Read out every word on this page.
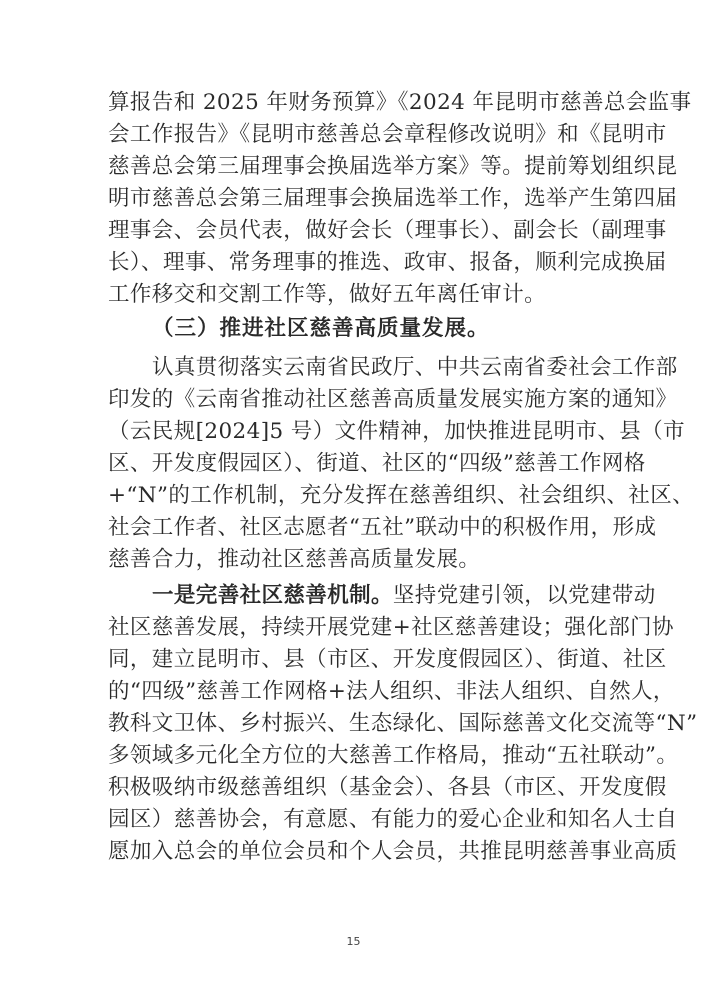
算报告和 2025 年财务预算》《2024 年昆明市慈善总会监事
会工作报告》《昆明市慈善总会章程修改说明》和《昆明市
慈善总会第三届理事会换届选举方案》等。提前筹划组织昆
明市慈善总会第三届理事会换届选举工作，选举产生第四届
理事会、会员代表，做好会长（理事长）、副会长（副理事
长）、理事、常务理事的推选、政审、报备，顺利完成换届
工作移交和交割工作等，做好五年离任审计。
（三）推进社区慈善高质量发展。
认真贯彻落实云南省民政厅、中共云南省委社会工作部
印发的《云南省推动社区慈善高质量发展实施方案的通知》
（云民规[2024]5 号）文件精神，加快推进昆明市、县（市
区、开发度假园区）、街道、社区的“四级”慈善工作网格
+“N”的工作机制，充分发挥在慈善组织、社会组织、社区、
社会工作者、社区志愿者“五社”联动中的积极作用，形成
慈善合力，推动社区慈善高质量发展。
一是完善社区慈善机制。坚持党建引领，以党建带动
社区慈善发展，持续开展党建+社区慈善建设；强化部门协
同，建立昆明市、县（市区、开发度假园区）、街道、社区
的“四级”慈善工作网格+法人组织、非法人组织、自然人，
教科文卫体、乡村振兴、生态绿化、国际慈善文化交流等“N”
多领域多元化全方位的大慈善工作格局，推动“五社联动”。
积极吸纳市级慈善组织（基金会）、各县（市区、开发度假
园区）慈善协会，有意愿、有能力的爱心企业和知名人士自
愿加入总会的单位会员和个人会员，共推昆明慈善事业高质
15
